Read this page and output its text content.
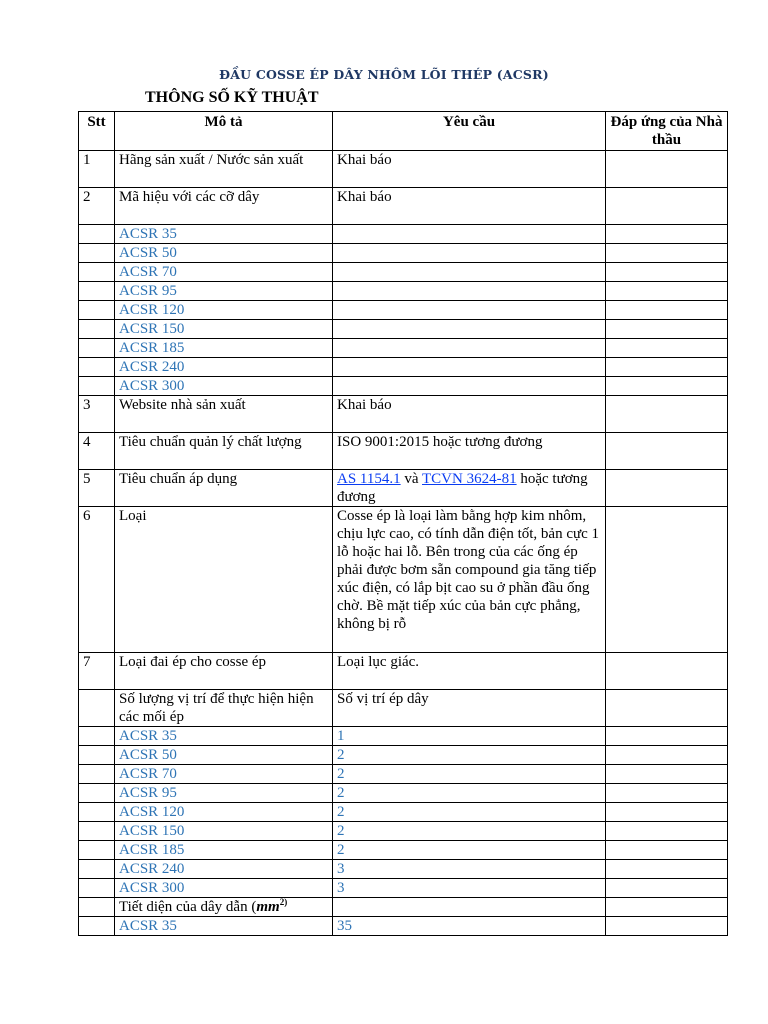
ĐẦU COSSE ÉP DÂY NHÔM LÕI THÉP (ACSR)
THÔNG SỐ KỸ THUẬT
Stt	Mô tả	Yêu cầu	Đáp ứng của Nhà thầu
1	Hãng sản xuất / Nước sản xuất	Khai báo	
2	Mã hiệu với các cỡ dây	Khai báo	
	ACSR 35		
	ACSR 50		
	ACSR 70		
	ACSR 95		
	ACSR 120		
	ACSR 150		
	ACSR 185		
	ACSR 240		
	ACSR 300		
3	Website nhà sản xuất	Khai báo	
4	Tiêu chuẩn quản lý chất lượng	ISO 9001:2015 hoặc tương đương	
5	Tiêu chuẩn áp dụng	AS 1154.1 và TCVN 3624-81 hoặc tương đương	
6	Loại	Cosse ép là loại làm bằng hợp kim nhôm, chịu lực cao, có tính dẫn điện tốt, bản cực 1 lỗ hoặc hai lỗ. Bên trong của các ống ép phải được bơm sẵn compound gia tăng tiếp xúc điện, có lắp bịt cao su ở phần đầu ống chờ. Bề mặt tiếp xúc của bản cực phẳng, không bị rỗ	
7	Loại đai ép cho cosse ép	Loại lục giác.	
	Số lượng vị trí để thực hiện hiện các mối ép	Số vị trí ép dây	
	ACSR 35	1	
	ACSR 50	2	
	ACSR 70	2	
	ACSR 95	2	
	ACSR 120	2	
	ACSR 150	2	
	ACSR 185	2	
	ACSR 240	3	
	ACSR 300	3	
	Tiết diện của dây dẫn ($mm^{2)}$		
	ACSR 35	35	
